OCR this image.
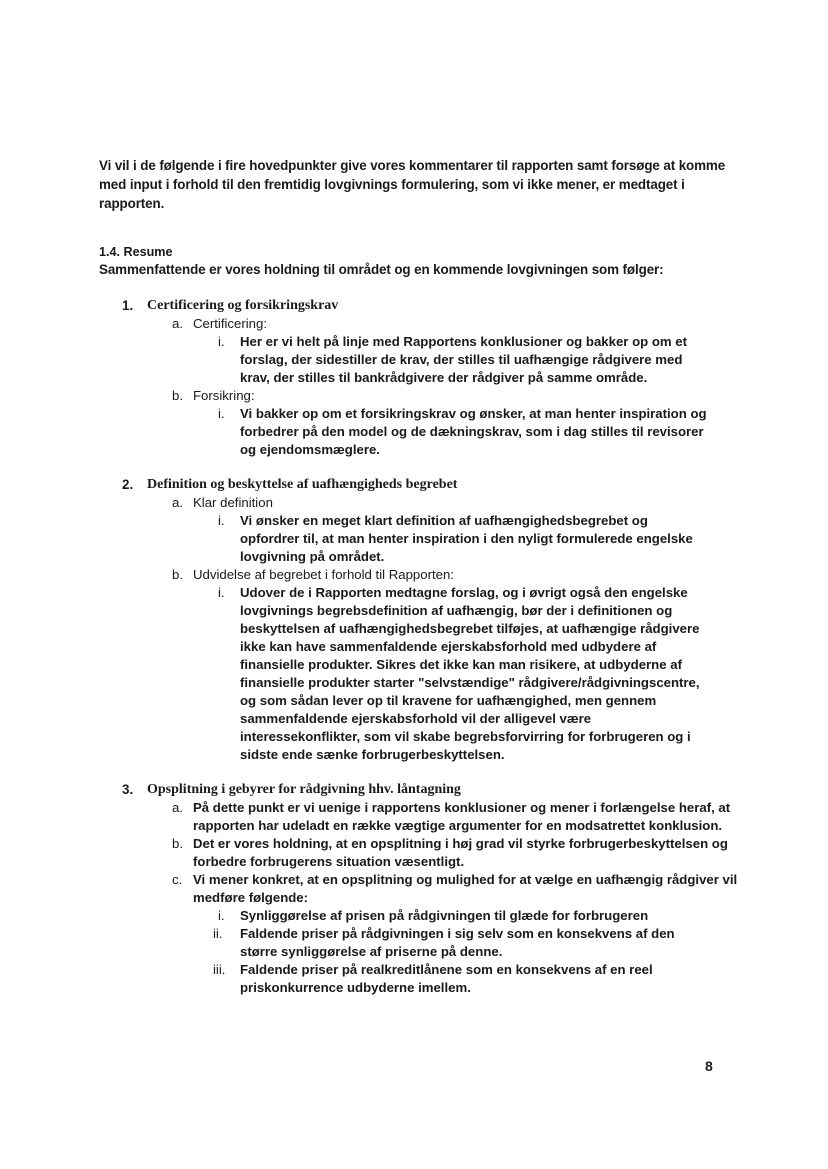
Vi vil i de følgende i fire hovedpunkter give vores kommentarer til rapporten samt forsøge at komme med input i forhold til den fremtidig lovgivnings formulering, som vi ikke mener, er medtaget i rapporten.
1.4. Resume
Sammenfattende er vores holdning til området og en kommende lovgivningen som følger:
1. Certificering og forsikringskrav
a. Certificering:
i. Her er vi helt på linje med Rapportens konklusioner og bakker op om et forslag, der sidestiller de krav, der stilles til uafhængige rådgivere med krav, der stilles til bankrådgivere der rådgiver på samme område.
b. Forsikring:
i. Vi bakker op om et forsikringskrav og ønsker, at man henter inspiration og forbedrer på den model og de dækningskrav, som i dag stilles til revisorer og ejendomsmæglere.
2. Definition og beskyttelse af uafhængigheds begrebet
a. Klar definition
i. Vi ønsker en meget klart definition af uafhængighedsbegrebet og opfordrer til, at man henter inspiration i den nyligt formulerede engelske lovgivning på området.
b. Udvidelse af begrebet i forhold til Rapporten:
i. Udover de i Rapporten medtagne forslag, og i øvrigt også den engelske lovgivnings begrebsdefinition af uafhængig, bør der i definitionen og beskyttelsen af uafhængighedsbegrebet tilføjes, at uafhængige rådgivere ikke kan have sammenfaldende ejerskabsforhold med udbydere af finansielle produkter. Sikres det ikke kan man risikere, at udbyderne af finansielle produkter starter "selvstændige" rådgivere/rådgivningscentre, og som sådan lever op til kravene for uafhængighed, men gennem sammenfaldende ejerskabsforhold vil der alligevel være interessekonflikter, som vil skabe begrebsforvirring for forbrugeren og i sidste ende sænke forbrugerbeskyttelsen.
3. Opsplitning i gebyrer for rådgivning hhv. låntagning
a. På dette punkt er vi uenige i rapportens konklusioner og mener i forlængelse heraf, at rapporten har udeladt en række vægtige argumenter for en modsatrettet konklusion.
b. Det er vores holdning, at en opsplitning i høj grad vil styrke forbrugerbeskyttelsen og forbedre forbrugerens situation væsentligt.
c. Vi mener konkret, at en opsplitning og mulighed for at vælge en uafhængig rådgiver vil medføre følgende:
i. Synliggørelse af prisen på rådgivningen til glæde for forbrugeren
ii. Faldende priser på rådgivningen i sig selv som en konsekvens af den større synliggørelse af priserne på denne.
iii. Faldende priser på realkreditlånene som en konsekvens af en reel priskonkurrence udbyderne imellem.
8
